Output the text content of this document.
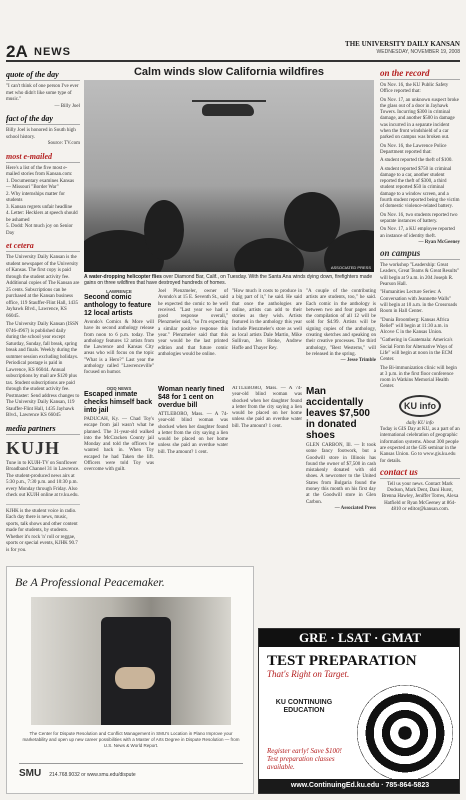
2A NEWS
THE UNIVERSITY DAILY KANSAN
WEDNESDAY, NOVEMBER 19, 2008
quote of the day

"I can't think of one person I've ever met who didn't like some type of music."

— Billy Joel

fact of the day

Billy Joel is honored in South high school history.

Source: TV.com

most e-mailed

Here's a list of the five most e-mailed stories from Kansan.com:

1. Documentary examines Kansas — Missouri "Border War"

2. Why internships matter for students

3. Kansan regrets unfair headline

4. Letter: Hecklers at speech should be ashamed

5. Dodd: Not much joy on Senior Day

et cetera

The University Daily Kansan is the student newspaper of the University of Kansas. The first copy is paid through the student activity fee. Additional copies of The Kansan are 25 cents. Subscriptions can be purchased at the Kansan business office, 119 Stauffer-Flint Hall, 1435 Jayhawk Blvd., Lawrence, KS 66045.

The University Daily Kansan (ISSN 0746-4967) is published daily during the school year except Saturday, Sunday, fall break, spring break and finals. Weekly during the summer session excluding holidays. Periodical postage is paid in Lawrence, KS 66044. Annual subscriptions by mail are $120 plus tax. Student subscriptions are paid through the student activity fee. Postmaster: Send address changes to The University Daily Kansan, 119 Stauffer-Flint Hall, 1435 Jayhawk Blvd., Lawrence KS 66045

media partners
KUJH

Tune in to KUJH-TV on Sunflower Broadband Channel 31 in Lawrence. The student-produced news airs at 5:30 p.m., 7:30 p.m. and 10:30 p.m. every Monday through Friday. Also check out KUJH online at tv.ku.edu.

KJHK is the student voice in radio. Each day there is news, music, sports, talk shows and other content made for students, by students. Whether it's rock 'n' roll or reggae, sports or special events, KJHK 90.7 is for you.

Calm winds slow California wildfires
ASSOCIATED PRESS
A water-dropping helicopter flies over Diamond Bar, Calif., on Tuesday. With the Santa Ana winds dying down, firefighters made gains on three wildfires that have destroyed hundreds of homes.
LAWRENCE
Second comic anthology to feature 12 local artists

Avondo's Comics & More will have its second anthology release from noon to 6 p.m. today. The anthology features 12 artists from the Lawrence and Kansas City areas who will focus on the topic "What is a Hero?" Last year the anthology called "Lawrenceville" focused on humor.

Joel Plenzmeler, owner of Avondo's at 15 E. Seventh St., said he expected the comic to be well received. "Last year we had a good response overall," Plenzmeler said, "so I'm expecting a similar positive response this year." Plenzmeler said that this year would be the last printed edition and that future comic anthologies would be online.

"How much it costs to produce in a big part of it," he said. He said that once the anthologies are online, artists can add to their stories as they wish. Artists featured in the anthology this year include Plenzmeler's store as well as local artists Dale Martin, Mike Sullivan, Jen Hroke, Andrew Hoffe and Thayer Rey.

"A couple of the contributing artists are students, too," he said. Each comic in the anthology is between two and four pages and the compilation of all 12 will be sold for $4.99. Artists will be signing copies of the anthology, creating sketches and speaking on their creative processes. The third anthology, "Best Westerns," will be released in the spring.

— Jesse Trimble

ODD NEWS
Escaped inmate checks himself back into jail

PADUCAH, Ky. — Chad Toy's escape from jail wasn't what he planned. The 31-year-old walked into the McCracken County jail Monday and told the officers he wanted back in. When Toy escaped he had Taken the lift. Officers were told Toy was overcome with guilt.

Woman nearly fined $48 for 1 cent on overdue bill

ATTLEBORO, Mass. — A 74-year-old blind woman was shocked when her daughter found a letter from the city saying a lien would be placed on her home unless she paid an overdue water bill. The amount? 1 cent.

ATTLEBORO, Mass. — A 74-year-old blind woman was shocked when her daughter found a letter from the city saying a lien would be placed on her home unless she paid an overdue water bill. The amount? 1 cent.

Man accidentally leaves $7,500 in donated shoes

GLEN CARBON, Ill. — It took some fancy footwork, but a Goodwill store in Illinois has found the owner of $7,500 in cash mistakenly donated with old shoes. A newcomer to the United States from Bulgaria found the money this month on his first day at the Goodwill store in Glen Carbon.

— Associated Press

on the record

On Nov. 16, the KU Public Safety Office reported that:

On Nov. 17, an unknown suspect broke the glass out of a door in Jayhawk Towers. Incurring $300 in criminal damage, and another $500 in damage was incurred in a separate incident when the front windshield of a car parked on campus was broken out.

On Nov. 16, the Lawrence Police Department reported that:

A student reported the theft of $100.

A student reported $750 in criminal damage to a car, another student reported the theft of $300, a third student reported $50 in criminal damage to a window screen, and a fourth student reported being the victim of domestic violence-related battery.

On Nov. 16, two students reported two separate instances of battery.

On Nov. 17, a KU employee reported an instance of identity theft.

— Ryan McGeeney

on campus

The workshop "Leadership: Great Leaders, Great Teams & Great Results" will begin at 9 a.m. in 204 Joseph R. Pearson Hall.

"Humanities Lecture Series: A Conversation with Jeannette Walls" will begin at 10 a.m. in the Crossroads Room in Hall Center.

"Dunia Broomberg: Kansas Africa Relief" will begin at 11:30 a.m. in Alcove C in the Kansas Union.

"Gathering in Guatemala: America's Social Form for Alternative Ways of Life" will begin at noon in the ECM Center.

The Bi-immunization clinic will begin at 3 p.m. in the first floor conference room in Watkins Memorial Health Center.

KU info

daily KU info

Today is GIS Day at KU, as a part of an international celebration of geographic information systems. About 300 people are expected at the GIS seminar in the Kansas Union. Go to www.gis.ku.edu for details.

contact us

Tell us your news. Contact Mark Dodson, Mark Dent, Dani Hurst, Brenna Hawley, Jeniffer Torres, Alexa Hatfield or Ryan McGeeney at 864-4810 or editor@kansan.com.

Be A Professional Peacemaker.
The Center for Dispute Resolution and Conflict Management in SMU's Location in Plano Improve your marketability and open up new career possibilities with a Master of Arts Degree in Dispute Resolution — from U.S. News & World Report.
SMU 214.768.9032 or www.smu.edu/dispute
GRE · LSAT · GMAT
TEST PREPARATION
That's Right on Target.
KU CONTINUING EDUCATION
Register early! Save $100! Test preparation classes available.
www.ContinuingEd.ku.edu · 785-864-5823
